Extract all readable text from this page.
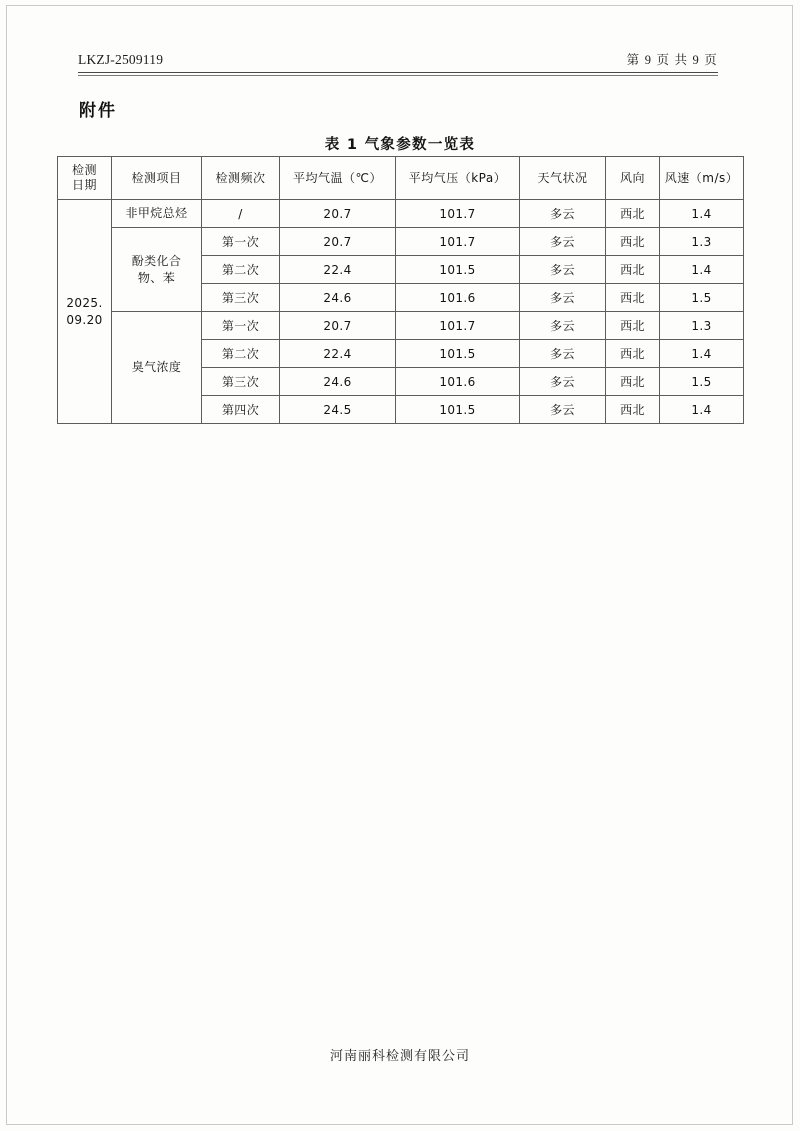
LKZJ-2509119	第 9 页 共 9 页
附件
表 1 气象参数一览表
检测
日期	检测项目	检测频次	平均气温（℃）	平均气压（kPa）	天气状况	风向	风速（m/s）

2025.
09.20	非甲烷总烃	/	20.7	101.7	多云	西北	1.4

	酚类化合
物、苯	第一次	20.7	101.7	多云	西北	1.3
		第二次	22.4	101.5	多云	西北	1.4
		第三次	24.6	101.6	多云	西北	1.5

	臭气浓度	第一次	20.7	101.7	多云	西北	1.3
		第二次	22.4	101.5	多云	西北	1.4
		第三次	24.6	101.6	多云	西北	1.5
		第四次	24.5	101.5	多云	西北	1.4
河南丽科检测有限公司
